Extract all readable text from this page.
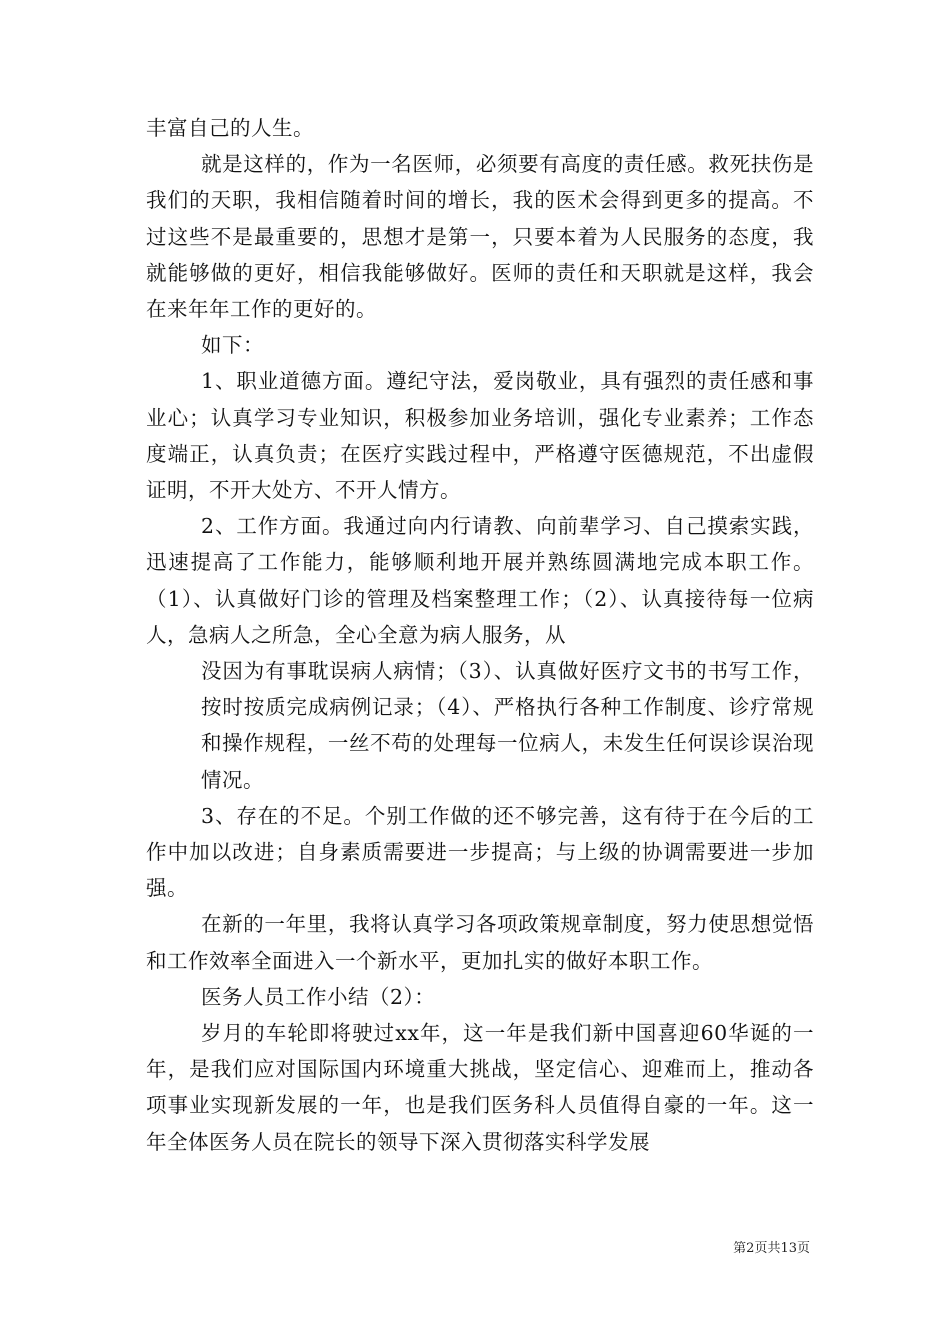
丰富自己的人生。

就是这样的，作为一名医师，必须要有高度的责任感。救死扶伤是我们的天职，我相信随着时间的增长，我的医术会得到更多的提高。不过这些不是最重要的，思想才是第一，只要本着为人民服务的态度，我就能够做的更好，相信我能够做好。医师的责任和天职就是这样，我会在来年年工作的更好的。

如下：

1、职业道德方面。遵纪守法，爱岗敬业，具有强烈的责任感和事业心；认真学习专业知识，积极参加业务培训，强化专业素养；工作态度端正，认真负责；在医疗实践过程中，严格遵守医德规范，不出虚假证明，不开大处方、不开人情方。

2、工作方面。我通过向内行请教、向前辈学习、自己摸索实践，迅速提高了工作能力，能够顺利地开展并熟练圆满地完成本职工作。（1）、认真做好门诊的管理及档案整理工作；（2）、认真接待每一位病人，急病人之所急，全心全意为病人服务，从

没因为有事耽误病人病情；（3）、认真做好医疗文书的书写工作，按时按质完成病例记录；（4）、严格执行各种工作制度、诊疗常规和操作规程，一丝不苟的处理每一位病人，未发生任何误诊误治现情况。

3、存在的不足。个别工作做的还不够完善，这有待于在今后的工作中加以改进；自身素质需要进一步提高；与上级的协调需要进一步加强。

在新的一年里，我将认真学习各项政策规章制度，努力使思想觉悟和工作效率全面进入一个新水平，更加扎实的做好本职工作。

医务人员工作小结（2）：

岁月的车轮即将驶过xx年，这一年是我们新中国喜迎60华诞的一年，是我们应对国际国内环境重大挑战，坚定信心、迎难而上，推动各项事业实现新发展的一年，也是我们医务科人员值得自豪的一年。这一年全体医务人员在院长的领导下深入贯彻落实科学发展

第2页共13页
